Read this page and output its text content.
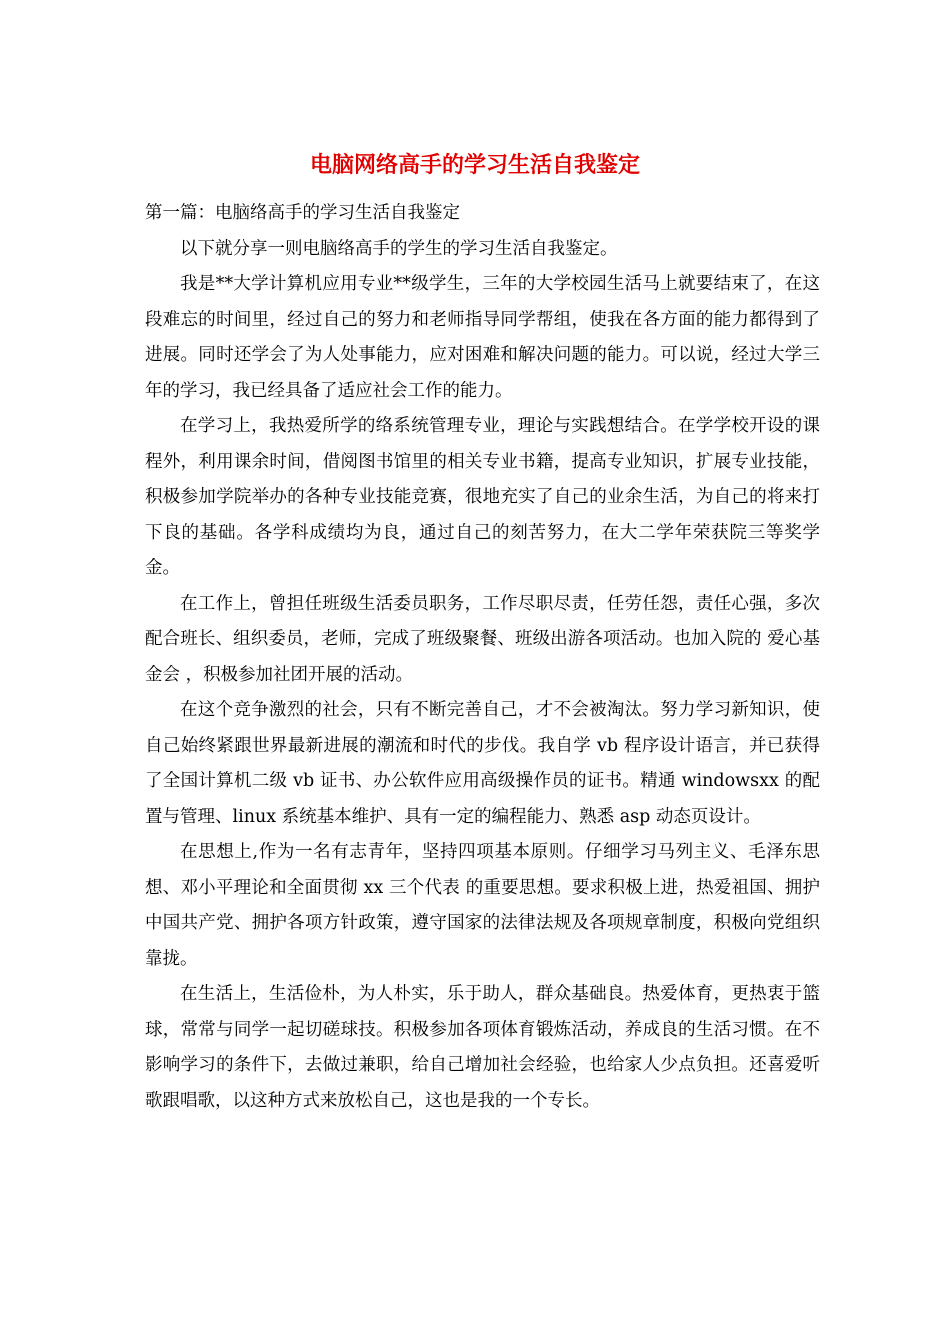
电脑网络高手的学习生活自我鉴定

第一篇：电脑络高手的学习生活自我鉴定

以下就分享一则电脑络高手的学生的学习生活自我鉴定。

我是**大学计算机应用专业**级学生，三年的大学校园生活马上就要结束了，在这段难忘的时间里，经过自己的努力和老师指导同学帮组，使我在各方面的能力都得到了进展。同时还学会了为人处事能力，应对困难和解决问题的能力。可以说，经过大学三年的学习，我已经具备了适应社会工作的能力。

在学习上，我热爱所学的络系统管理专业，理论与实践想结合。在学学校开设的课程外，利用课余时间，借阅图书馆里的相关专业书籍，提高专业知识，扩展专业技能，积极参加学院举办的各种专业技能竞赛，很地充实了自己的业余生活，为自己的将来打下良的基础。各学科成绩均为良，通过自己的刻苦努力，在大二学年荣获院三等奖学金。

在工作上，曾担任班级生活委员职务，工作尽职尽责，任劳任怨，责任心强，多次配合班长、组织委员，老师，完成了班级聚餐、班级出游各项活动。也加入院的 爱心基金会 ，积极参加社团开展的活动。

在这个竞争激烈的社会，只有不断完善自己，才不会被淘汰。努力学习新知识，使自己始终紧跟世界最新进展的潮流和时代的步伐。我自学 vb 程序设计语言，并已获得了全国计算机二级 vb 证书、办公软件应用高级操作员的证书。精通 windowsxx 的配置与管理、linux 系统基本维护、具有一定的编程能力、熟悉 asp 动态页设计。

在思想上,作为一名有志青年，坚持四项基本原则。仔细学习马列主义、毛泽东思想、邓小平理论和全面贯彻 xx 三个代表 的重要思想。要求积极上进，热爱祖国、拥护中国共产党、拥护各项方针政策，遵守国家的法律法规及各项规章制度，积极向党组织靠拢。

在生活上，生活俭朴，为人朴实，乐于助人，群众基础良。热爱体育，更热衷于篮球，常常与同学一起切磋球技。积极参加各项体育锻炼活动，养成良的生活习惯。在不影响学习的条件下，去做过兼职，给自己增加社会经验，也给家人少点负担。还喜爱听歌跟唱歌，以这种方式来放松自己，这也是我的一个专长。
